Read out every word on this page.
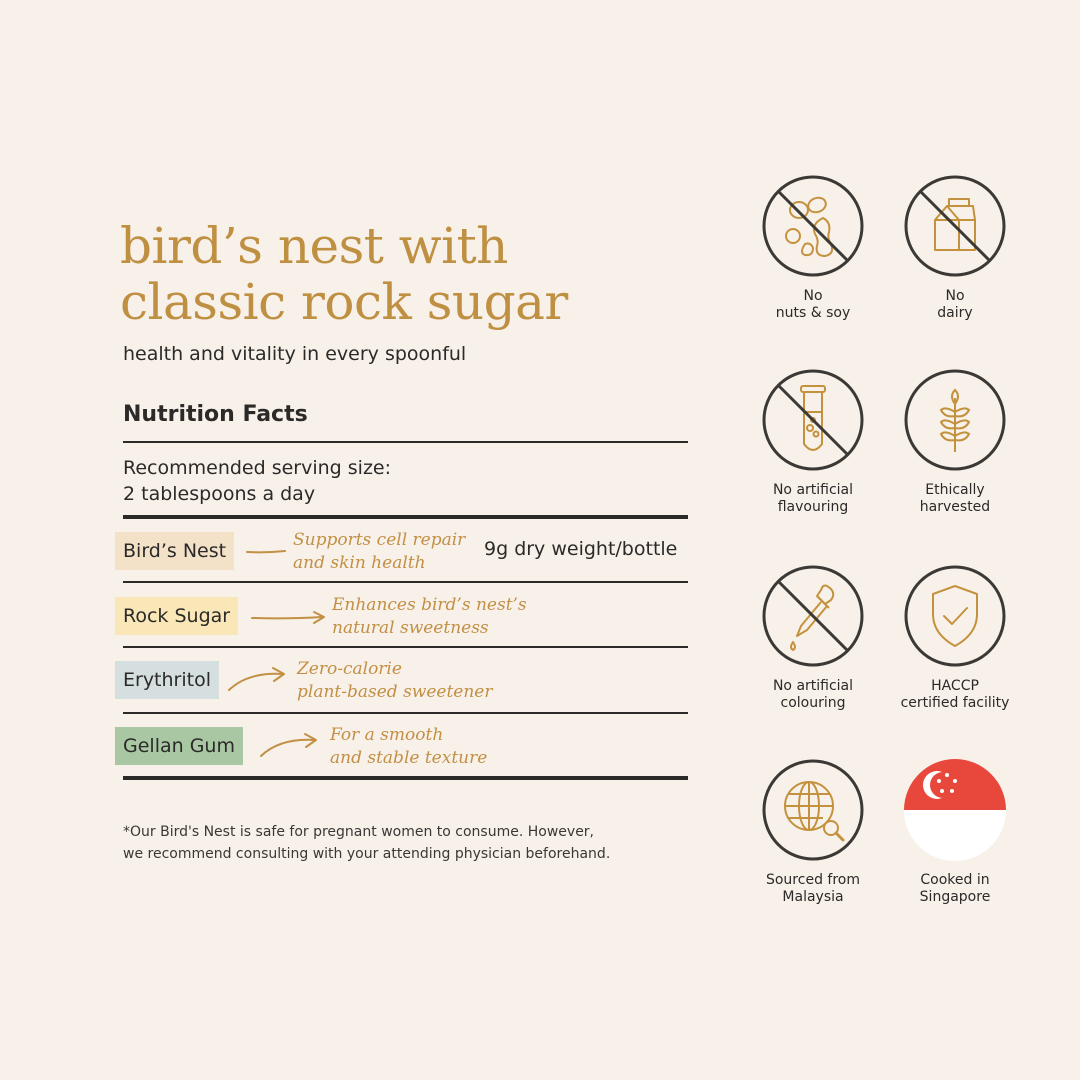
bird’s nest with
classic rock sugar
health and vitality in every spoonful
Nutrition Facts
Recommended serving size:
2 tablespoons a day
Bird’s Nest	Supports cell repair
and skin health
9g dry weight/bottle
Rock Sugar	Enhances bird’s nest’s
natural sweetness
Erythritol	Zero-calorie
plant-based sweetener
Gellan Gum	For a smooth
and stable texture
*Our Bird's Nest is safe for pregnant women to consume. However,
we recommend consulting with your attending physician beforehand.
No
nuts & soy
No
dairy
No artificial
flavouring
Ethically
harvested
No artificial
colouring
HACCP
certified facility
Sourced from
Malaysia
Cooked in
Singapore
